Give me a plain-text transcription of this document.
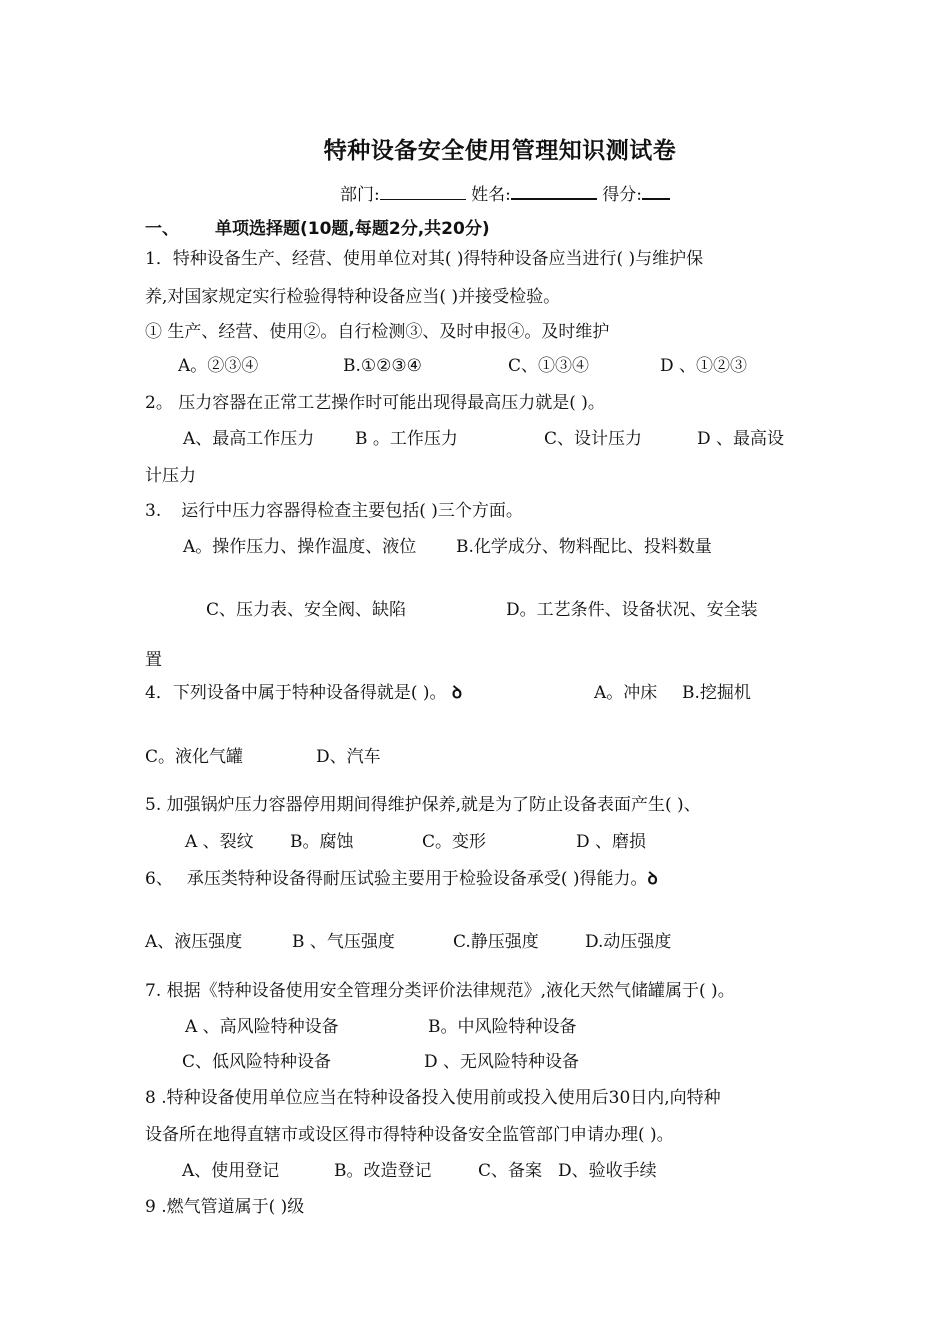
特种设备安全使用管理知识测试卷
部门:	姓名:	得分:
一、 单项选择题(10题,每题2分,共20分)
1．特种设备生产、经营、使用单位对其( )得特种设备应当进行( )与维护保
养,对国家规定实行检验得特种设备应当( )并接受检验。
① 生产、经营、使用②。自行检测③、及时申报④。及时维护
A。②③④	B.①②③④	C、①③④	D 、①②③
2。 压力容器在正常工艺操作时可能出现得最高压力就是( )。
A、最高工作压力 B 。工作压力	C、设计压力	D 、最高设
计压力
3. 运行中压力容器得检查主要包括( )三个方面。
A。操作压力、操作温度、液位 B.化学成分、物料配比、投料数量
C、压力表、安全阀、缺陷	D。工艺条件、设备状况、安全装
置
4．下列设备中属于特种设备得就是( )。 ꝺ	A。冲床 B.挖掘机
C。液化气罐	D、汽车
5. 加强锅炉压力容器停用期间得维护保养,就是为了防止设备表面产生( )、
A 、裂纹 B。腐蚀	C。变形	D 、磨损
6、 承压类特种设备得耐压试验主要用于检验设备承受( )得能力。ꝺ
A、液压强度	B 、气压强度	C.静压强度	D.动压强度
7. 根据《特种设备使用安全管理分类评价法律规范》,液化天然气储罐属于( )。
A 、高风险特种设备	B。中风险特种设备
C、低风险特种设备	D 、无风险特种设备
8 .特种设备使用单位应当在特种设备投入使用前或投入使用后30日内,向特种
设备所在地得直辖市或设区得市得特种设备安全监管部门申请办理( )。
A、使用登记	B。改造登记	C、备案 D、验收手续
9 .燃气管道属于( )级
